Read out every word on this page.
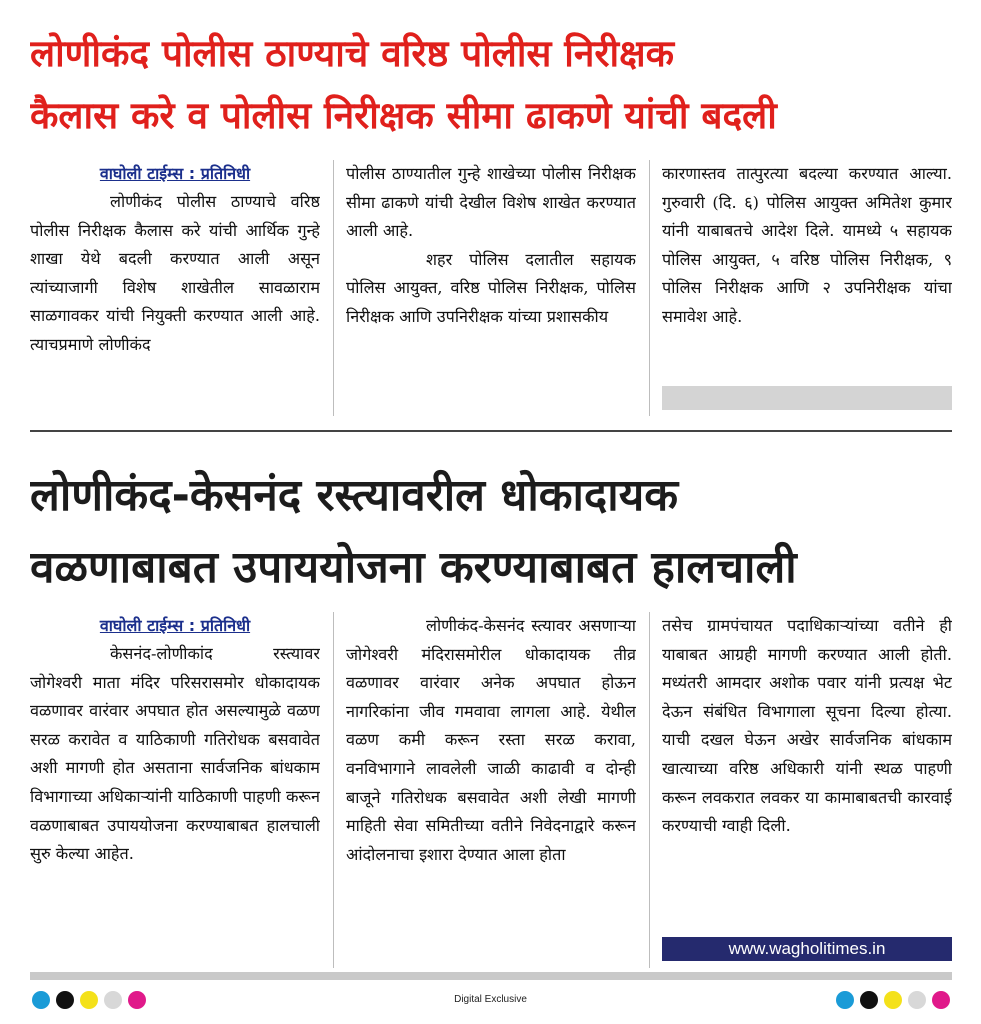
लोणीकंद पोलीस ठाण्याचे वरिष्ठ पोलीस निरीक्षक
कैलास करे व पोलीस निरीक्षक सीमा ढाकणे यांची बदली
वाघोली टाईम्स : प्रतिनिधी

लोणीकंद पोलीस ठाण्याचे वरिष्ठ पोलीस निरीक्षक कैलास करे यांची आर्थिक गुन्हे शाखा येथे बदली करण्यात आली असून त्यांच्याजागी विशेष शाखेतील सावळाराम साळगावकर यांची नियुक्ती करण्यात आली आहे. त्याचप्रमाणे लोणीकंद

पोलीस ठाण्यातील गुन्हे शाखेच्या पोलीस निरीक्षक सीमा ढाकणे यांची देखील विशेष शाखेत करण्यात आली आहे.

शहर पोलिस दलातील सहायक पोलिस आयुक्त, वरिष्ठ पोलिस निरीक्षक, पोलिस निरीक्षक आणि उपनिरीक्षक यांच्या प्रशासकीय

कारणास्तव तात्पुरत्या बदल्या करण्यात आल्या. गुरुवारी (दि. ६) पोलिस आयुक्त अमितेश कुमार यांनी याबाबतचे आदेश दिले. यामध्ये ५ सहायक पोलिस आयुक्त, ५ वरिष्ठ पोलिस निरीक्षक, ९ पोलिस निरीक्षक आणि २ उपनिरीक्षक यांचा समावेश आहे.

लोणीकंद-केसनंद रस्त्यावरील धोकादायक
वळणाबाबत उपाययोजना करण्याबाबत हालचाली
वाघोली टाईम्स : प्रतिनिधी

केसनंद-लोणीकांद रस्त्यावर जोगेश्वरी माता मंदिर परिसरासमोर धोकादायक वळणावर वारंवार अपघात होत असल्यामुळे वळण सरळ करावेत व याठिकाणी गतिरोधक बसवावेत अशी मागणी होत असताना सार्वजनिक बांधकाम विभागाच्या अधिकाऱ्यांनी याठिकाणी पाहणी करून वळणाबाबत उपाययोजना करण्याबाबत हालचाली सुरु केल्या आहेत.

लोणीकंद-केसनंद स्त्यावर असणाऱ्या जोगेश्वरी मंदिरासमोरील धोकादायक तीव्र वळणावर वारंवार अनेक अपघात होऊन नागरिकांना जीव गमवावा लागला आहे. येथील वळण कमी करून रस्ता सरळ करावा, वनविभागाने लावलेली जाळी काढावी व दोन्ही बाजूने गतिरोधक बसवावेत अशी लेखी मागणी माहिती सेवा समितीच्या वतीने निवेदनाद्वारे करून आंदोलनाचा इशारा देण्यात आला होता

तसेच ग्रामपंचायत पदाधिकाऱ्यांच्या वतीने ही याबाबत आग्रही मागणी करण्यात आली होती. मध्यंतरी आमदार अशोक पवार यांनी प्रत्यक्ष भेट देऊन संबंधित विभागाला सूचना दिल्या होत्या. याची दखल घेऊन अखेर सार्वजनिक बांधकाम खात्याच्या वरिष्ठ अधिकारी यांनी स्थळ पाहणी करून लवकरात लवकर या कामाबाबतची कारवाई करण्याची ग्वाही दिली.

www.wagholitimes.in
Digital Exclusive
